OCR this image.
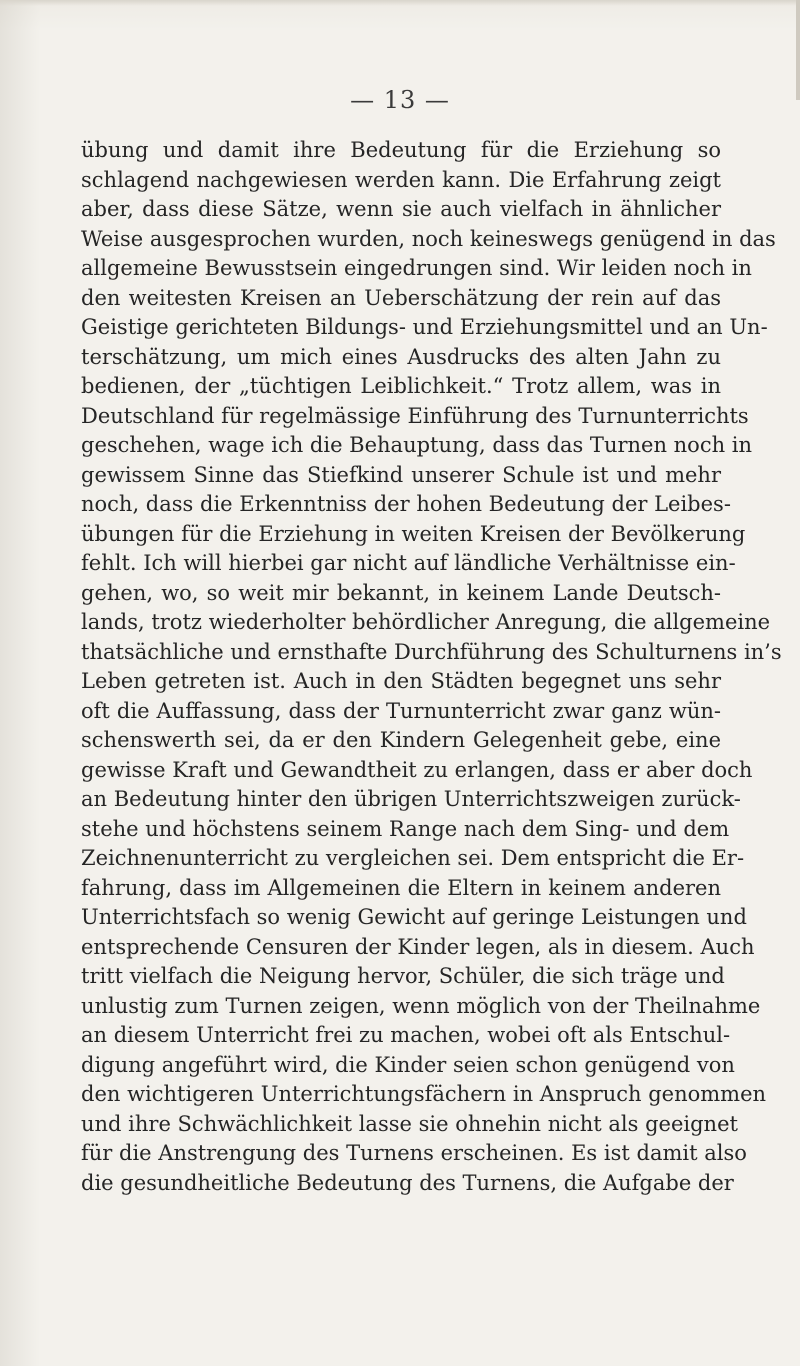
— 13 —
übung und damit ihre Bedeutung für die Erziehung so
schlagend nachgewiesen werden kann. Die Erfahrung zeigt
aber, dass diese Sätze, wenn sie auch vielfach in ähnlicher
Weise ausgesprochen wurden, noch keineswegs genügend in das
allgemeine Bewusstsein eingedrungen sind. Wir leiden noch in
den weitesten Kreisen an Ueberschätzung der rein auf das
Geistige gerichteten Bildungs- und Erziehungsmittel und an Un-
terschätzung, um mich eines Ausdrucks des alten Jahn zu
bedienen, der „tüchtigen Leiblichkeit.“ Trotz allem, was in
Deutschland für regelmässige Einführung des Turnunterrichts
geschehen, wage ich die Behauptung, dass das Turnen noch in
gewissem Sinne das Stiefkind unserer Schule ist und mehr
noch, dass die Erkenntniss der hohen Bedeutung der Leibes-
übungen für die Erziehung in weiten Kreisen der Bevölkerung
fehlt. Ich will hierbei gar nicht auf ländliche Verhältnisse ein-
gehen, wo, so weit mir bekannt, in keinem Lande Deutsch-
lands, trotz wiederholter behördlicher Anregung, die allgemeine
thatsächliche und ernsthafte Durchführung des Schulturnens in’s
Leben getreten ist. Auch in den Städten begegnet uns sehr
oft die Auffassung, dass der Turnunterricht zwar ganz wün-
schenswerth sei, da er den Kindern Gelegenheit gebe, eine
gewisse Kraft und Gewandtheit zu erlangen, dass er aber doch
an Bedeutung hinter den übrigen Unterrichtszweigen zurück-
stehe und höchstens seinem Range nach dem Sing- und dem
Zeichnenunterricht zu vergleichen sei. Dem entspricht die Er-
fahrung, dass im Allgemeinen die Eltern in keinem anderen
Unterrichtsfach so wenig Gewicht auf geringe Leistungen und
entsprechende Censuren der Kinder legen, als in diesem. Auch
tritt vielfach die Neigung hervor, Schüler, die sich träge und
unlustig zum Turnen zeigen, wenn möglich von der Theilnahme
an diesem Unterricht frei zu machen, wobei oft als Entschul-
digung angeführt wird, die Kinder seien schon genügend von
den wichtigeren Unterrichtungsfächern in Anspruch genommen
und ihre Schwächlichkeit lasse sie ohnehin nicht als geeignet
für die Anstrengung des Turnens erscheinen. Es ist damit also
die gesundheitliche Bedeutung des Turnens, die Aufgabe der
